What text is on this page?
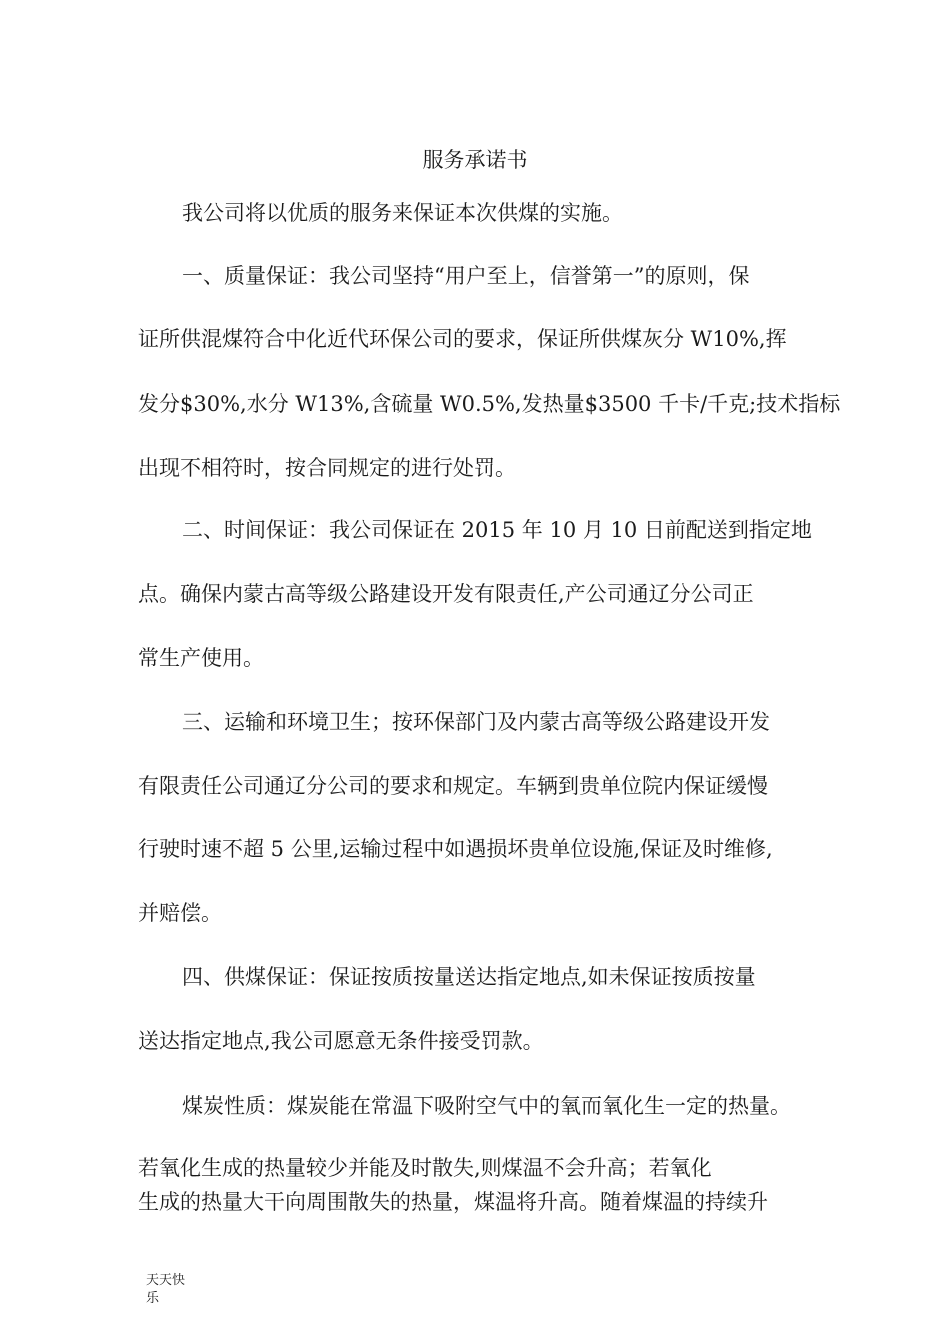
服务承诺书
我公司将以优质的服务来保证本次供煤的实施。
一、质量保证：我公司坚持“用户至上，信誉第一”的原则，保
证所供混煤符合中化近代环保公司的要求，保证所供煤灰分 W10%,挥
发分$30%,水分 W13%,含硫量 W0.5%,发热量$3500 千卡/千克;技术指标
出现不相符时，按合同规定的进行处罚。
二、时间保证：我公司保证在 2015 年 10 月 10 日前配送到指定地
点。确保内蒙古高等级公路建设开发有限责任,产公司通辽分公司正
常生产使用。
三、运输和环境卫生；按环保部门及内蒙古高等级公路建设开发
有限责任公司通辽分公司的要求和规定。车辆到贵单位院内保证缓慢
行驶时速不超 5 公里,运输过程中如遇损坏贵单位设施,保证及时维修,
并赔偿。
四、供煤保证：保证按质按量送达指定地点,如未保证按质按量
送达指定地点,我公司愿意无条件接受罚款。
煤炭性质：煤炭能在常温下吸附空气中的氧而氧化生一定的热量。
若氧化生成的热量较少并能及时散失,则煤温不会升高；若氧化
生成的热量大干向周围散失的热量，煤温将升高。随着煤温的持续升
天天快
乐
